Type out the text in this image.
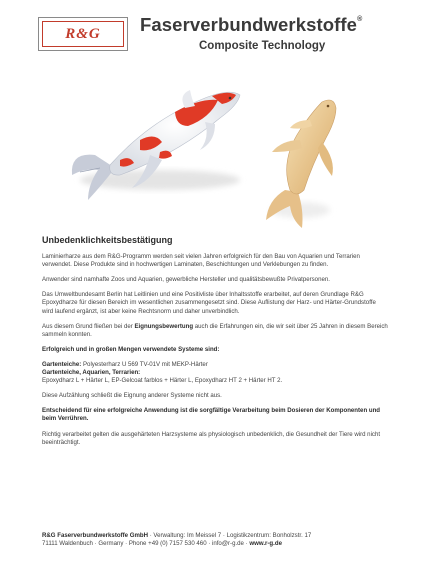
R&G Faserverbundwerkstoffe®
Composite Technology
Unbedenklichkeitsbestätigung

Laminierharze aus dem R&G-Programm werden seit vielen Jahren erfolgreich für den Bau von Aquarien und Terrarien verwendet. Diese Produkte sind in hochwertigen Laminaten, Beschichtungen und Verklebungen zu finden.

Anwender sind namhafte Zoos und Aquarien, gewerbliche Hersteller und qualitätsbewußte Privatpersonen.

Das Umweltbundesamt Berlin hat Leitlinien und eine Positivliste über Inhaltsstoffe erarbeitet, auf deren Grundlage R&G Epoxydharze für diesen Bereich im wesentlichen zusammengesetzt sind. Diese Auflistung der Harz- und Härter-Grundstoffe wird laufend ergänzt, ist aber keine Rechtsnorm und daher unverbindlich.

Aus diesem Grund fließen bei der Eignungsbewertung auch die Erfahrungen ein, die wir seit über 25 Jahren in diesem Bereich sammeln konnten.

Erfolgreich und in großen Mengen verwendete Systeme sind:

Gartenteiche: Polyesterharz U 569 TV-01V mit MEKP-Härter
Gartenteiche, Aquarien, Terrarien:
Epoxydharz L + Härter L, EP-Gelcoat farblos + Härter L, Epoxydharz HT 2 + Härter HT 2.

Diese Aufzählung schließt die Eignung anderer Systeme nicht aus.

Entscheidend für eine erfolgreiche Anwendung ist die sorgfältige Verarbeitung beim Dosieren der Komponenten und beim Verrühren.

Richtig verarbeitet gelten die ausgehärteten Harzsysteme als physiologisch unbedenklich, die Gesundheit der Tiere wird nicht beeinträchtigt.

R&G Faserverbundwerkstoffe GmbH · Verwaltung: Im Meissel 7 · Logistikzentrum: Bonholzstr. 17
71111 Waldenbuch · Germany · Phone +49 (0) 7157 530 460 · info@r-g.de · www.r-g.de
